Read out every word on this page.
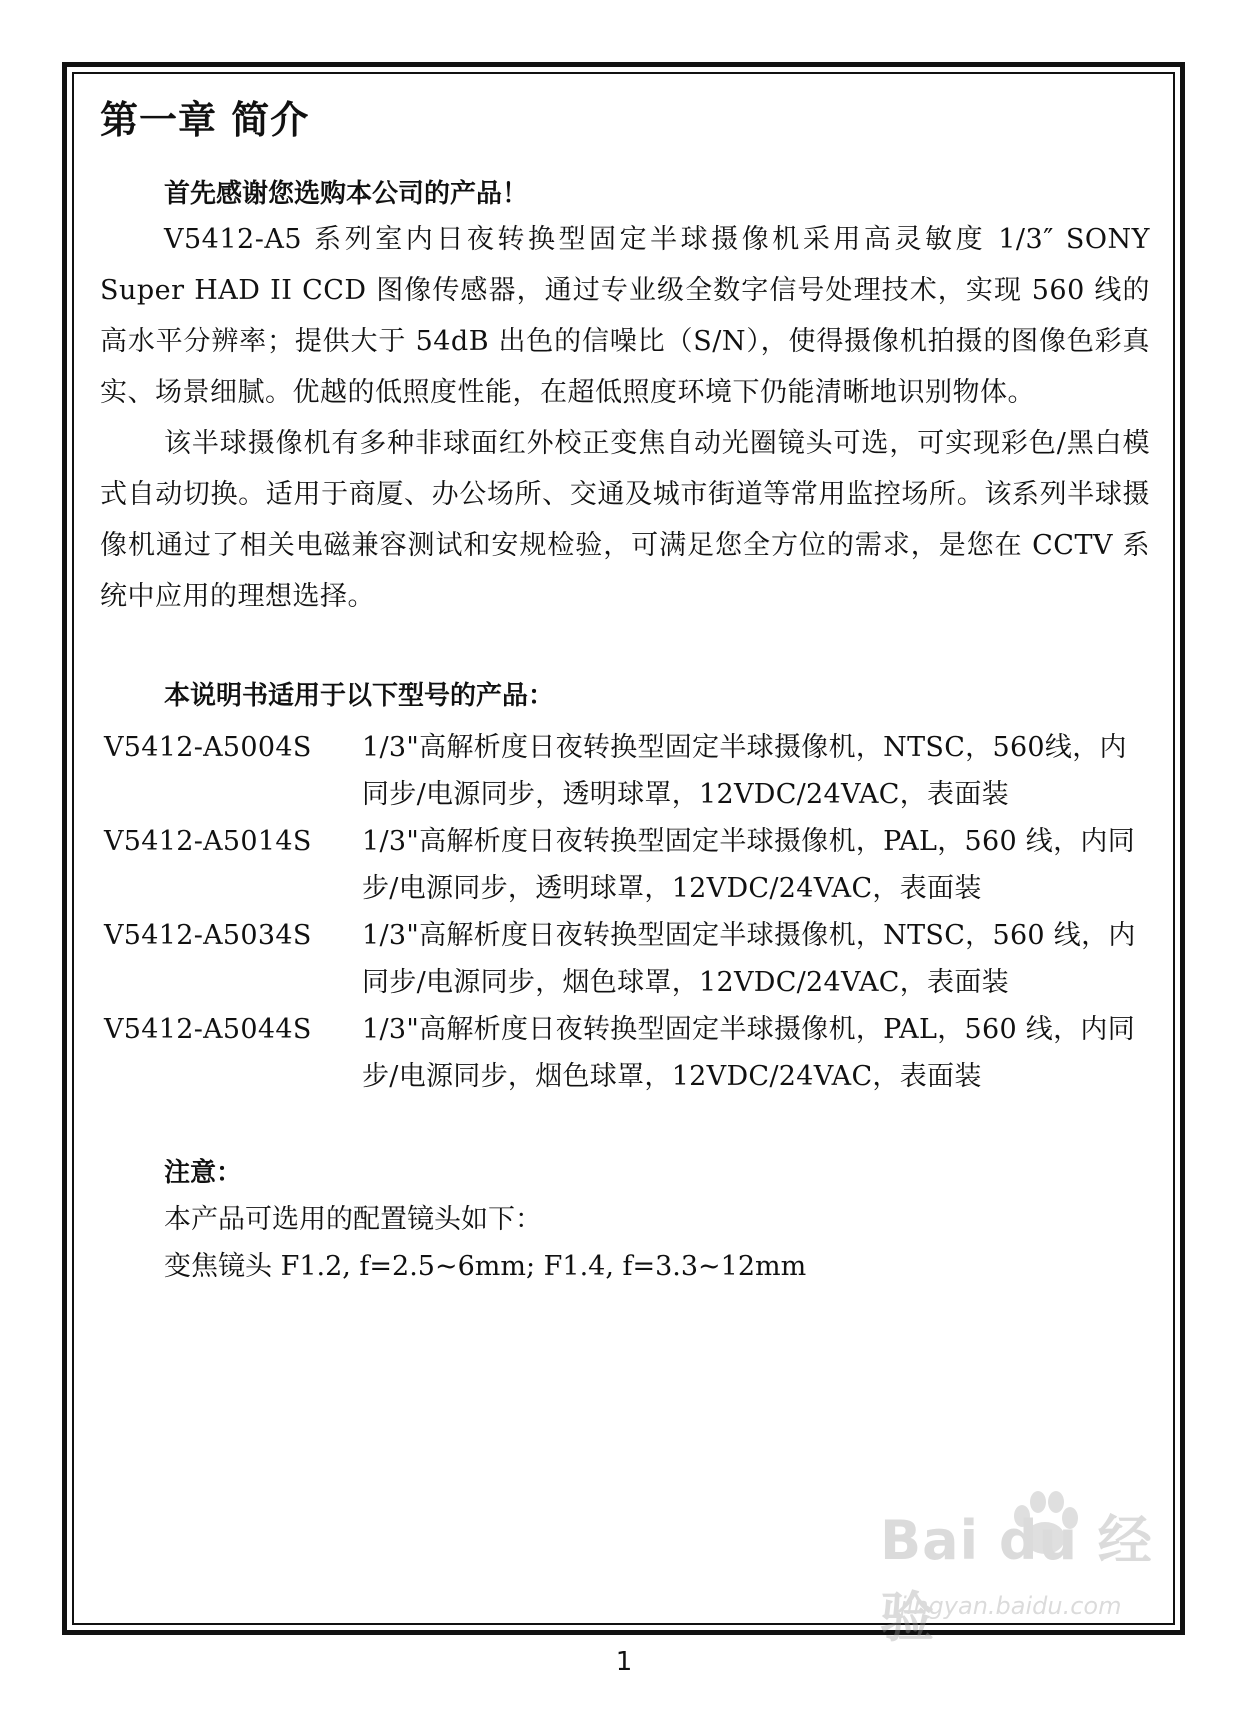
第一章 简介
首先感谢您选购本公司的产品！

V5412-A5 系列室内日夜转换型固定半球摄像机采用高灵敏度 1/3″ SONY Super HAD II CCD 图像传感器，通过专业级全数字信号处理技术，实现 560 线的高水平分辨率；提供大于 54dB 出色的信噪比（S/N），使得摄像机拍摄的图像色彩真实、场景细腻。优越的低照度性能，在超低照度环境下仍能清晰地识别物体。

该半球摄像机有多种非球面红外校正变焦自动光圈镜头可选，可实现彩色/黑白模式自动切换。适用于商厦、办公场所、交通及城市街道等常用监控场所。该系列半球摄像机通过了相关电磁兼容测试和安规检验，可满足您全方位的需求，是您在 CCTV 系统中应用的理想选择。

本说明书适用于以下型号的产品：
V5412-A5004S	1/3"高解析度日夜转换型固定半球摄像机，NTSC，560线，内同步/电源同步，透明球罩，12VDC/24VAC，表面装
V5412-A5014S	1/3"高解析度日夜转换型固定半球摄像机，PAL，560 线，内同步/电源同步，透明球罩，12VDC/24VAC，表面装
V5412-A5034S	1/3"高解析度日夜转换型固定半球摄像机，NTSC，560 线，内同步/电源同步，烟色球罩，12VDC/24VAC，表面装
V5412-A5044S	1/3"高解析度日夜转换型固定半球摄像机，PAL，560 线，内同步/电源同步，烟色球罩，12VDC/24VAC，表面装
注意：
本产品可选用的配置镜头如下：
变焦镜头 F1.2, f=2.5~6mm; F1.4, f=3.3~12mm
Bai du 经验
jingyan.baidu.com
1
